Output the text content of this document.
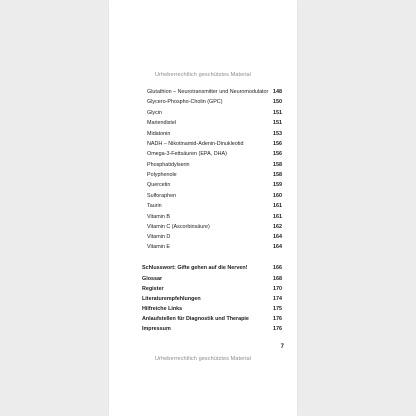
Urheberrechtlich geschütztes Material
Glutathion – Neurotransmitter und Neuromodulator 148
Glycero-Phospho-Cholin (GPC)	150
Glycin	151
Mariendistel	151
Midatonin	153
NADH – Nikotinamid-Adenin-Dinukleotid	156
Omega-3-Fettsäuren (EPA, DHA)	156
Phosphatidylserin	158
Polyphenole	158
Quercetin	159
Sulforaphen	160
Taurin	161
Vitamin B	161
Vitamin C (Ascorbinsäure)	162
Vitamin D	164
Vitamin E	164
Schlusswort: Gifte gehen auf die Nerven!	166
Glossar	168
Register	170
Literaturempfehlungen	174
Hilfreiche Links	175
Anlaufstellen für Diagnostik und Therapie	176
Impressum	176
7
Urheberrechtlich geschütztes Material
